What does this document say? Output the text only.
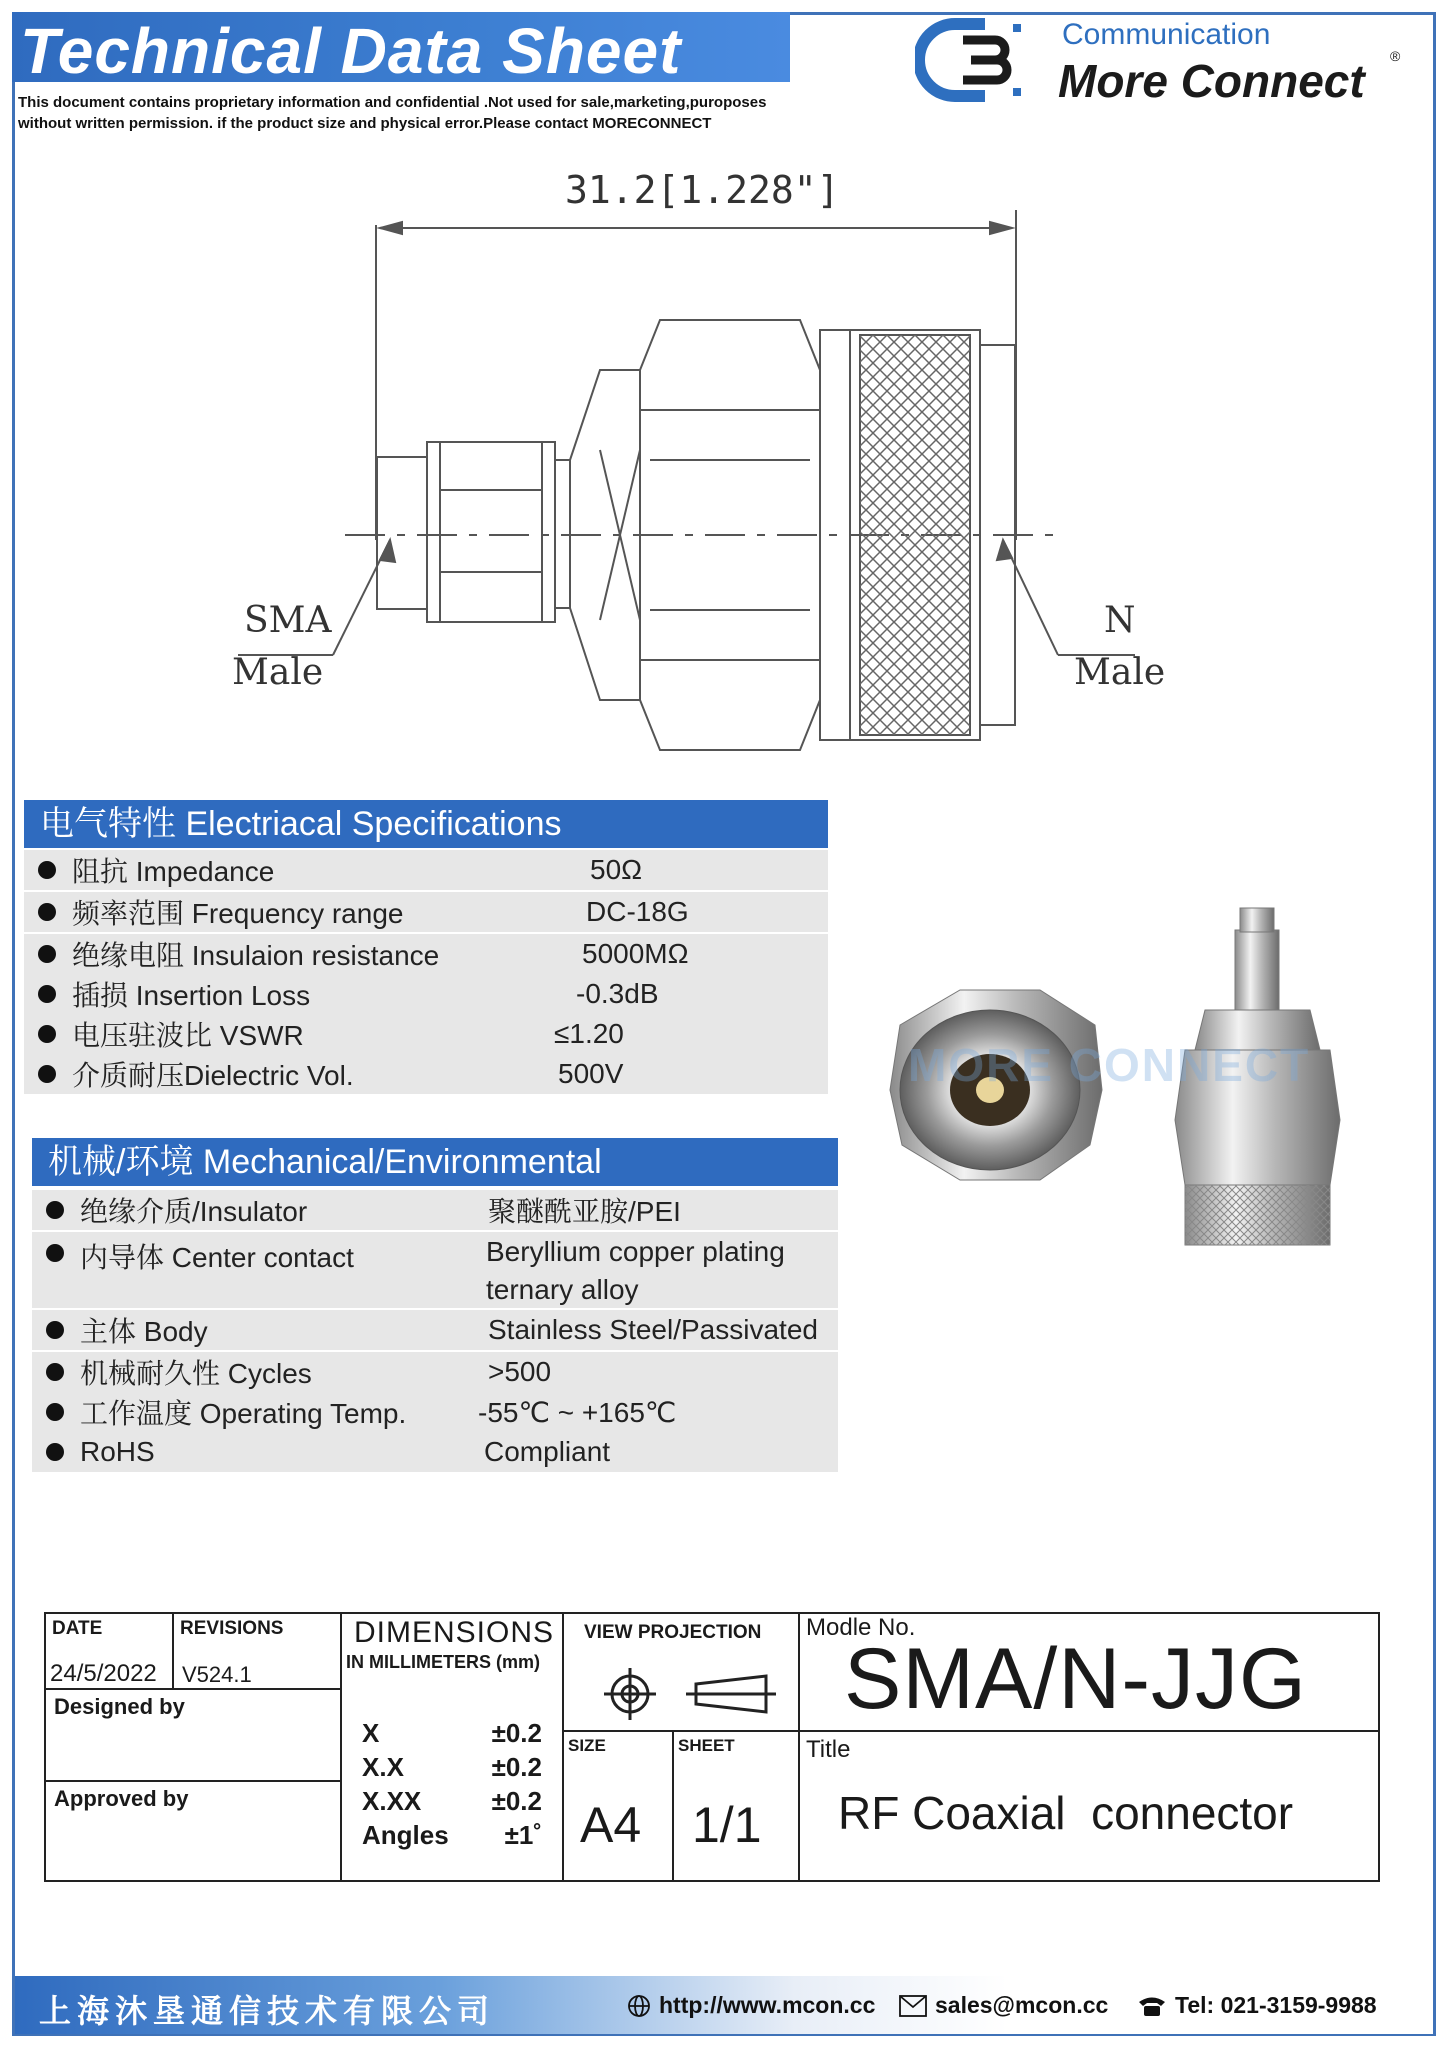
Technical Data Sheet
This document contains proprietary information and confidential .Not used for sale,marketing,puroposes
without written permission. if the product size and physical error.Please contact MORECONNECT
Communication
More Connect ®
31.2[1.228"]
SMA
Male
N
Male
电气特性 Electriacal Specifications
阻抗 Impedance	50Ω
频率范围 Frequency range	DC-18G
绝缘电阻 Insulaion resistance	5000MΩ
插损 Insertion Loss	-0.3dB
电压驻波比 VSWR	≤1.20
介质耐压Dielectric Vol.	500V
机械/环境 Mechanical/Environmental
绝缘介质/Insulator	聚醚酰亚胺/PEI
内导体 Center contact	Beryllium copper plating
ternary alloy
主体 Body	Stainless Steel/Passivated
机械耐久性 Cycles	>500
工作温度 Operating Temp.	-55℃ ~ +165℃
RoHS	Compliant
MORE CONNECT
DATE
24/5/2022
REVISIONS
V524.1
Designed by
Approved by
DIMENSIONS
IN MILLIMETERS (mm)
X	±0.2
X.X	±0.2
X.XX	±0.2
Angles ±1˚
VIEW PROJECTION
SIZE
A4
SHEET
1/1
Modle No.
SMA/N-JJG
Title
RF Coaxial  connector
上海沐垦通信技术有限公司	http://www.mcon.cc	sales@mcon.cc	Tel: 021-3159-9988
